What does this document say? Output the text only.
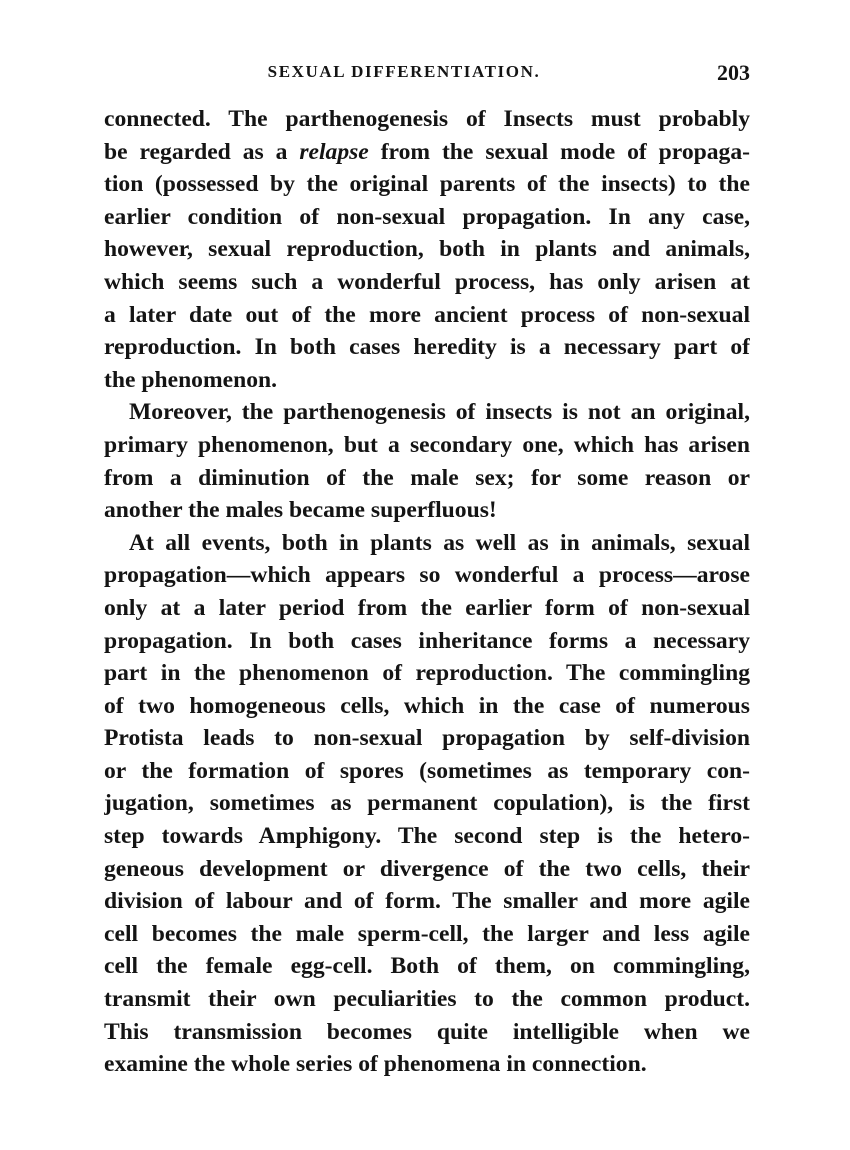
SEXUAL DIFFERENTIATION.	203
connected. The parthenogenesis of Insects must probably
be regarded as a relapse from the sexual mode of propaga-
tion (possessed by the original parents of the insects) to the
earlier condition of non-sexual propagation. In any case,
however, sexual reproduction, both in plants and animals,
which seems such a wonderful process, has only arisen at
a later date out of the more ancient process of non-sexual
reproduction. In both cases heredity is a necessary part of
the phenomenon.
Moreover, the parthenogenesis of insects is not an original,
primary phenomenon, but a secondary one, which has arisen
from a diminution of the male sex; for some reason or
another the males became superfluous!
At all events, both in plants as well as in animals, sexual
propagation—which appears so wonderful a process—arose
only at a later period from the earlier form of non-sexual
propagation. In both cases inheritance forms a necessary
part in the phenomenon of reproduction. The commingling
of two homogeneous cells, which in the case of numerous
Protista leads to non-sexual propagation by self-division
or the formation of spores (sometimes as temporary con-
jugation, sometimes as permanent copulation), is the first
step towards Amphigony. The second step is the hetero-
geneous development or divergence of the two cells, their
division of labour and of form. The smaller and more agile
cell becomes the male sperm-cell, the larger and less agile
cell the female egg-cell. Both of them, on commingling,
transmit their own peculiarities to the common product.
This transmission becomes quite intelligible when we
examine the whole series of phenomena in connection.
